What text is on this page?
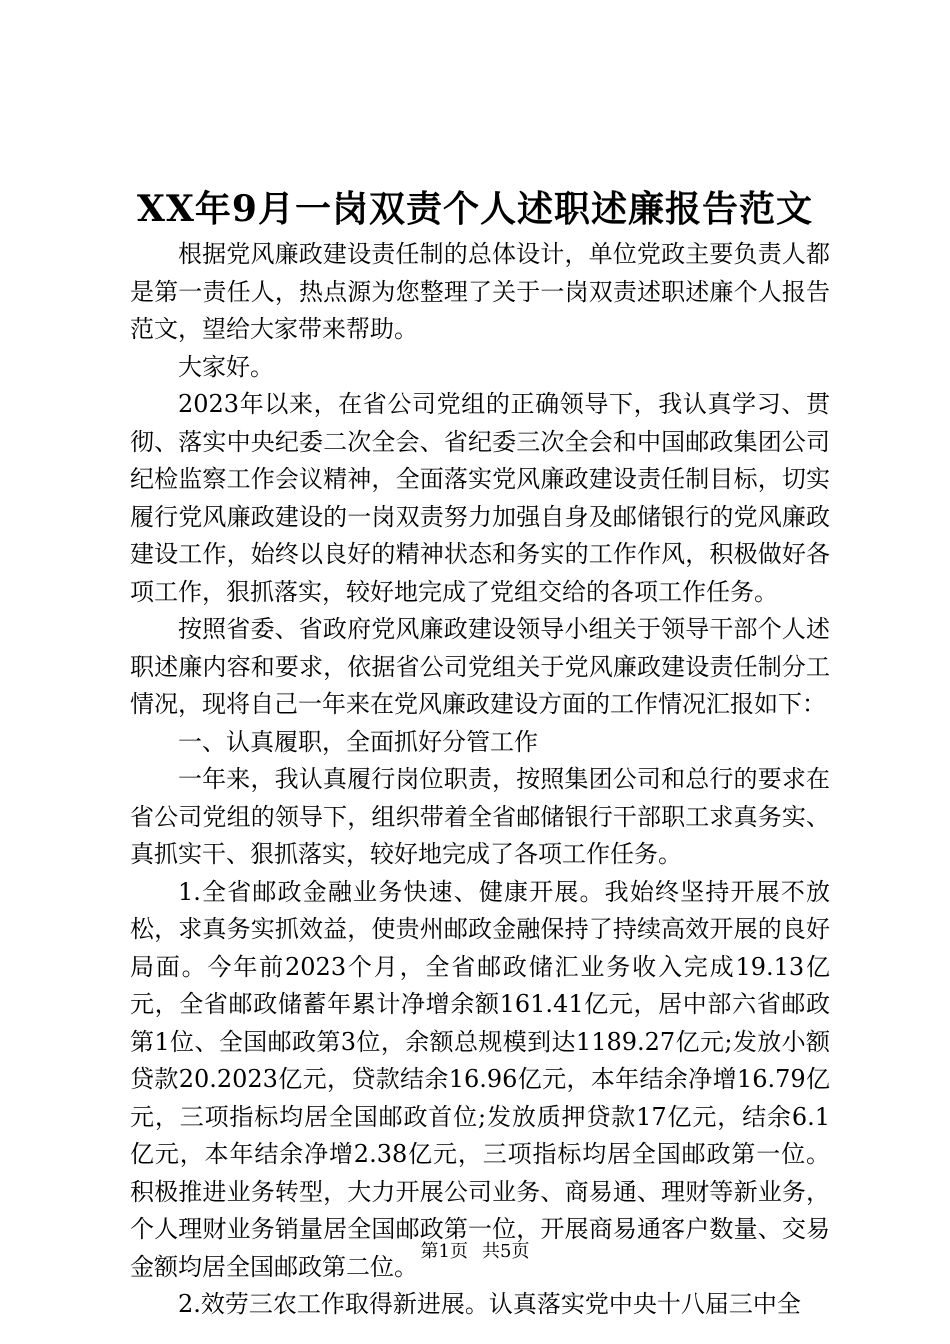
XX年9月一岗双责个人述职述廉报告范文

根据党风廉政建设责任制的总体设计，单位党政主要负责人都是第一责任人，热点源为您整理了关于一岗双责述职述廉个人报告范文，望给大家带来帮助。

大家好。

2023年以来，在省公司党组的正确领导下，我认真学习、贯彻、落实中央纪委二次全会、省纪委三次全会和中国邮政集团公司纪检监察工作会议精神，全面落实党风廉政建设责任制目标，切实履行党风廉政建设的一岗双责努力加强自身及邮储银行的党风廉政建设工作，始终以良好的精神状态和务实的工作作风，积极做好各项工作，狠抓落实，较好地完成了党组交给的各项工作任务。

按照省委、省政府党风廉政建设领导小组关于领导干部个人述职述廉内容和要求，依据省公司党组关于党风廉政建设责任制分工情况，现将自己一年来在党风廉政建设方面的工作情况汇报如下：

一、认真履职，全面抓好分管工作

一年来，我认真履行岗位职责，按照集团公司和总行的要求在省公司党组的领导下，组织带着全省邮储银行干部职工求真务实、真抓实干、狠抓落实，较好地完成了各项工作任务。

1.全省邮政金融业务快速、健康开展。我始终坚持开展不放松，求真务实抓效益，使贵州邮政金融保持了持续高效开展的良好局面。今年前2023个月，全省邮政储汇业务收入完成19.13亿元，全省邮政储蓄年累计净增余额161.41亿元，居中部六省邮政第1位、全国邮政第3位，余额总规模到达1189.27亿元;发放小额贷款20.2023亿元，贷款结余16.96亿元，本年结余净增16.79亿元，三项指标均居全国邮政首位;发放质押贷款17亿元，结余6.1亿元，本年结余净增2.38亿元，三项指标均居全国邮政第一位。积极推进业务转型，大力开展公司业务、商易通、理财等新业务，个人理财业务销量居全国邮政第一位，开展商易通客户数量、交易金额均居全国邮政第二位。

2.效劳三农工作取得新进展。认真落实党中央十八届三中全

第1页 共5页
